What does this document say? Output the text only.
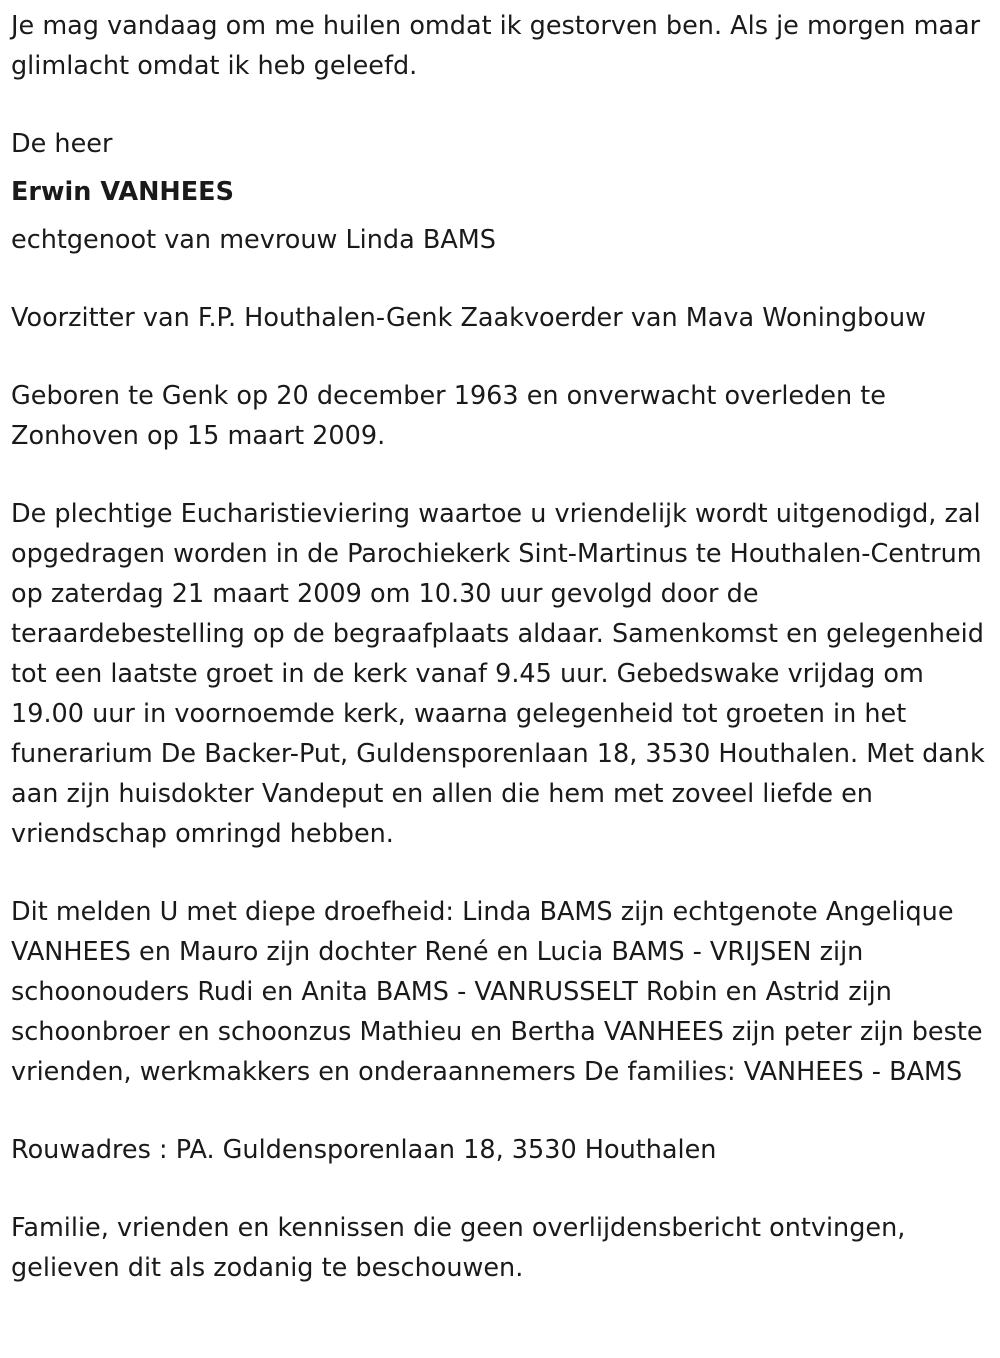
Je mag vandaag om me huilen omdat ik gestorven ben. Als je morgen maar glimlacht omdat ik heb geleefd.

De heer

Erwin VANHEES

echtgenoot van mevrouw Linda BAMS

Voorzitter van F.P. Houthalen-Genk Zaakvoerder van Mava Woningbouw

Geboren te Genk op 20 december 1963 en onverwacht overleden te Zonhoven op 15 maart 2009.

De plechtige Eucharistieviering waartoe u vriendelijk wordt uitgenodigd, zal opgedragen worden in de Parochiekerk Sint-Martinus te Houthalen-Centrum op zaterdag 21 maart 2009 om 10.30 uur gevolgd door de teraardebestelling op de begraafplaats aldaar. Samenkomst en gelegenheid tot een laatste groet in de kerk vanaf 9.45 uur. Gebedswake vrijdag om 19.00 uur in voornoemde kerk, waarna gelegenheid tot groeten in het funerarium De Backer-Put, Guldensporenlaan 18, 3530 Houthalen. Met dank aan zijn huisdokter Vandeput en allen die hem met zoveel liefde en vriendschap omringd hebben.

Dit melden U met diepe droefheid: Linda BAMS zijn echtgenote Angelique VANHEES en Mauro zijn dochter René en Lucia BAMS - VRIJSEN zijn schoonouders Rudi en Anita BAMS - VANRUSSELT Robin en Astrid zijn schoonbroer en schoonzus Mathieu en Bertha VANHEES zijn peter zijn beste vrienden, werkmakkers en onderaannemers De families: VANHEES - BAMS

Rouwadres : PA. Guldensporenlaan 18, 3530 Houthalen

Familie, vrienden en kennissen die geen overlijdensbericht ontvingen, gelieven dit als zodanig te beschouwen.
